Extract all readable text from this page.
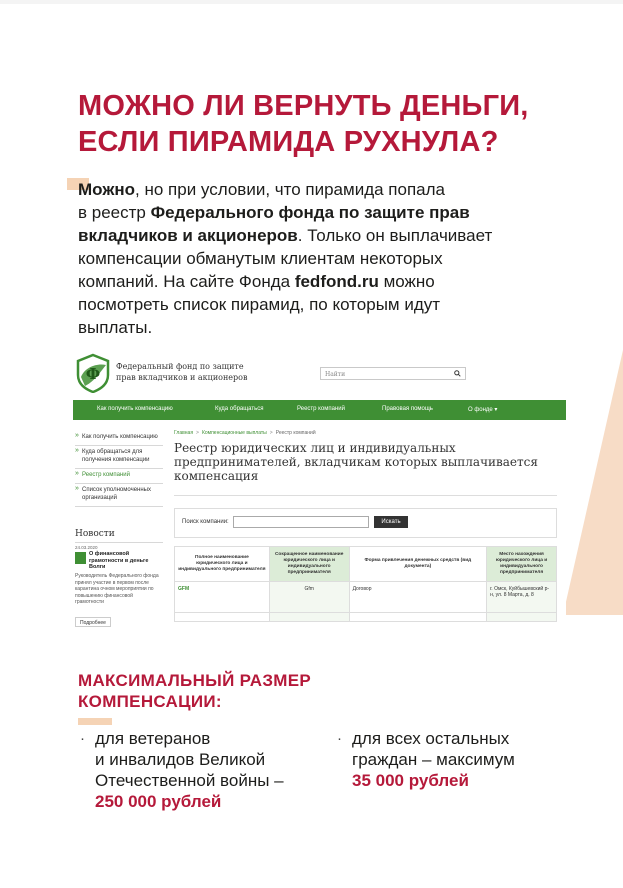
МОЖНО ЛИ ВЕРНУТЬ ДЕНЬГИ,
ЕСЛИ ПИРАМИДА РУХНУЛА?
Можно, но при условии, что пирамида попала
в реестр Федерального фонда по защите прав
вкладчиков и акционеров. Только он выплачивает
компенсации обманутым клиентам некоторых
компаний. На сайте Фонда fedfond.ru можно
посмотреть список пирамид, по которым идут
выплаты.
Ф Федеральный фонд по защите
прав вкладчиков и акционеров	Найти
Как получить компенсацию	Куда обращаться	Реестр компаний	Правовая помощь	О фонде ▾
» Как получить компенсацию
» Куда обращаться для получения компенсации
» Реестр компаний
» Список уполномоченных организаций
Новости
24.03.2020
О финансовой грамотности в деньге Волги
Руководитель Федерального фонда принял участие в первом после карантина очном мероприятии по повышению финансовой грамотности
Подробнее
Главная > Компенсационные выплаты > Реестр компаний
Реестр юридических лиц и индивидуальных предпринимателей, вкладчикам которых выплачивается компенсация
Поиск компании:	Искать
Полное наименование юридического лица и индивидуального предпринимателя	Сокращенное наименование юридического лица и индивидуального предпринимателя	Форма привлечения денежных средств (вид документа)	Место нахождения юридического лица и индивидуального предпринимателя
GFM	Gfm	Договор	г. Омск, Куйбышевский р-н, ул. 8 Марта, д. 8

МАКСИМАЛЬНЫЙ РАЗМЕР
КОМПЕНСАЦИИ:
· для ветеранов
и инвалидов Великой
Отечественной войны –
250 000 рублей
· для всех остальных
граждан – максимум
35 000 рублей
